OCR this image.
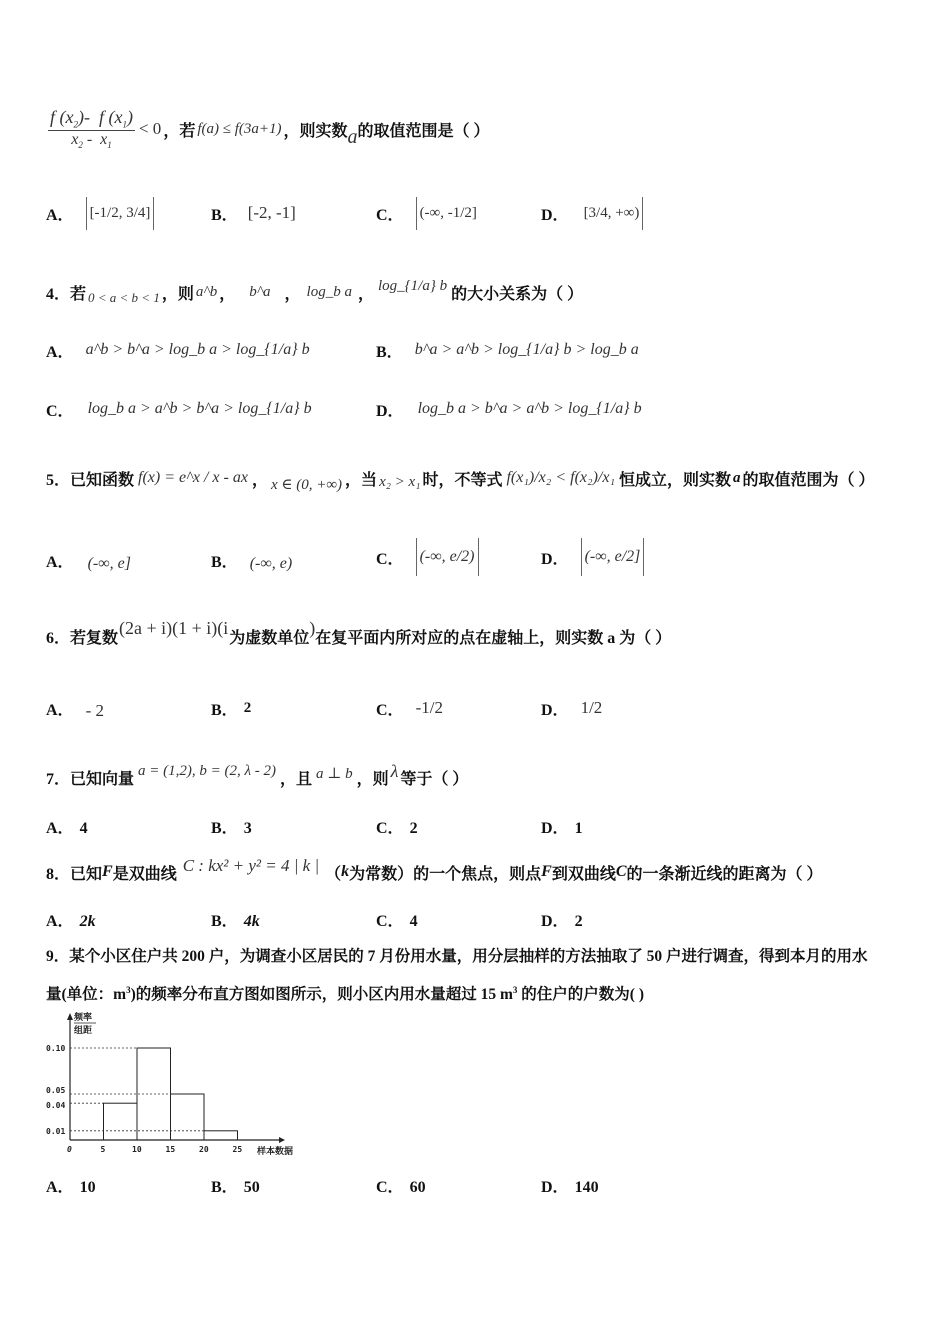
$\frac{f (x_2)- f (x_1)}{x_2 - x_1} < 0$ ，若 f(a) ≤ f(3a+1) ，则实数 a 的取值范围是（ ）
A． [-1/2, 3/4]	B． [-2, -1]	C． (-∞, -1/2]	D． [3/4, +∞)
4．若 0 < a < b < 1 ，则 a^b ， b^a ， log_b a ， log_{1/a} b 的大小关系为（ ）
A． a^b > b^a > log_b a > log_{1/a} b	B． b^a > a^b > log_{1/a} b > log_b a
C． log_b a > a^b > b^a > log_{1/a} b	D． log_b a > b^a > a^b > log_{1/a} b
5．已知函数 f(x) = e^x / x - ax ， x ∈ (0, +∞) ，当 x₂ > x₁ 时，不等式 f(x₁)/x₂ < f(x₂)/x₁ 恒成立，则实数 a 的取值范围为（ ）
A． (-∞, e]	B． (-∞, e)	C． (-∞, e/2)	D． (-∞, e/2]
6．若复数
(2a + i)(1 + i)(i
为虚数单位
)
在复平面内所对应的点在虚轴上，则实数 a 为（ ）
A． - 2	B． 2	C． -1/2	D． 1/2
7．已知向量 a = (1,2), b = (2, λ - 2) ，且 a ⊥ b ，则 λ 等于（ ）
A． 4	B． 3	C． 2	D． 1
8．已知 F 是双曲线 C : kx² + y² = 4 | k | （ k 为常数）的一个焦点，则点 F 到双曲线 C 的一条渐近线的距离为（ ）
A． 2k	B． 4k	C． 4	D． 2
9．某个小区住户共 200 户，为调查小区居民的 7 月份用水量，用分层抽样的方法抽取了 50 户进行调查，得到本月的用水
量(单位：$m^3$)的频率分布直方图如图所示，则小区内用水量超过 15 $m^3$ 的住户的户数为( )
0.01
0.04
0.05
0.10
0	5	10	15	20	25
频率
组距
样本数据
A． 10	B． 50	C． 60	D． 140
